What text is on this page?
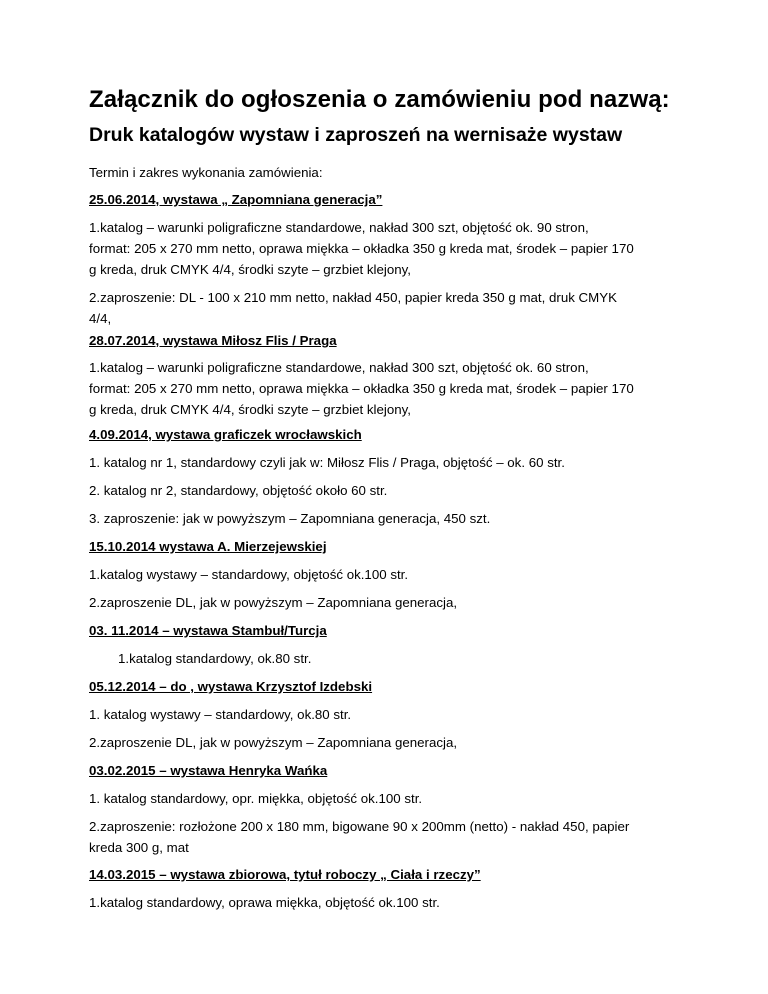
Załącznik do ogłoszenia o zamówieniu pod nazwą:
Druk katalogów wystaw i zaproszeń na wernisaże wystaw

Termin i zakres wykonania zamówienia:

25.06.2014, wystawa „ Zapomniana generacja”

1.katalog – warunki poligraficzne standardowe, nakład 300 szt, objętość ok. 90 stron,

format: 205 x 270 mm netto, oprawa miękka – okładka 350 g kreda mat, środek – papier 170

g kreda, druk CMYK 4/4, środki szyte – grzbiet klejony,

2.zaproszenie: DL - 100 x 210 mm netto, nakład 450, papier kreda 350 g mat, druk CMYK

4/4,

28.07.2014, wystawa Miłosz Flis / Praga

1.katalog – warunki poligraficzne standardowe, nakład 300 szt, objętość ok. 60 stron,

format: 205 x 270 mm netto, oprawa miękka – okładka 350 g kreda mat, środek – papier 170

g kreda, druk CMYK 4/4, środki szyte – grzbiet klejony,

4.09.2014, wystawa graficzek wrocławskich

1. katalog nr 1, standardowy czyli jak w: Miłosz Flis / Praga, objętość – ok. 60 str.

2. katalog nr 2, standardowy, objętość około 60 str.

3. zaproszenie: jak w powyższym – Zapomniana generacja, 450 szt.

15.10.2014 wystawa A. Mierzejewskiej

1.katalog wystawy – standardowy, objętość ok.100 str.

2.zaproszenie DL, jak w powyższym – Zapomniana generacja,

03. 11.2014 – wystawa Stambuł/Turcja

1.katalog standardowy, ok.80 str.

05.12.2014 – do , wystawa Krzysztof Izdebski

1. katalog wystawy – standardowy, ok.80 str.

2.zaproszenie DL, jak w powyższym – Zapomniana generacja,

03.02.2015 – wystawa Henryka Wańka

1. katalog standardowy, opr. miękka, objętość ok.100 str.

2.zaproszenie: rozłożone 200 x 180 mm, bigowane 90 x 200mm (netto) - nakład 450, papier

kreda 300 g, mat

14.03.2015 – wystawa zbiorowa, tytuł roboczy „ Ciała i rzeczy”

1.katalog standardowy, oprawa miękka, objętość ok.100 str.
